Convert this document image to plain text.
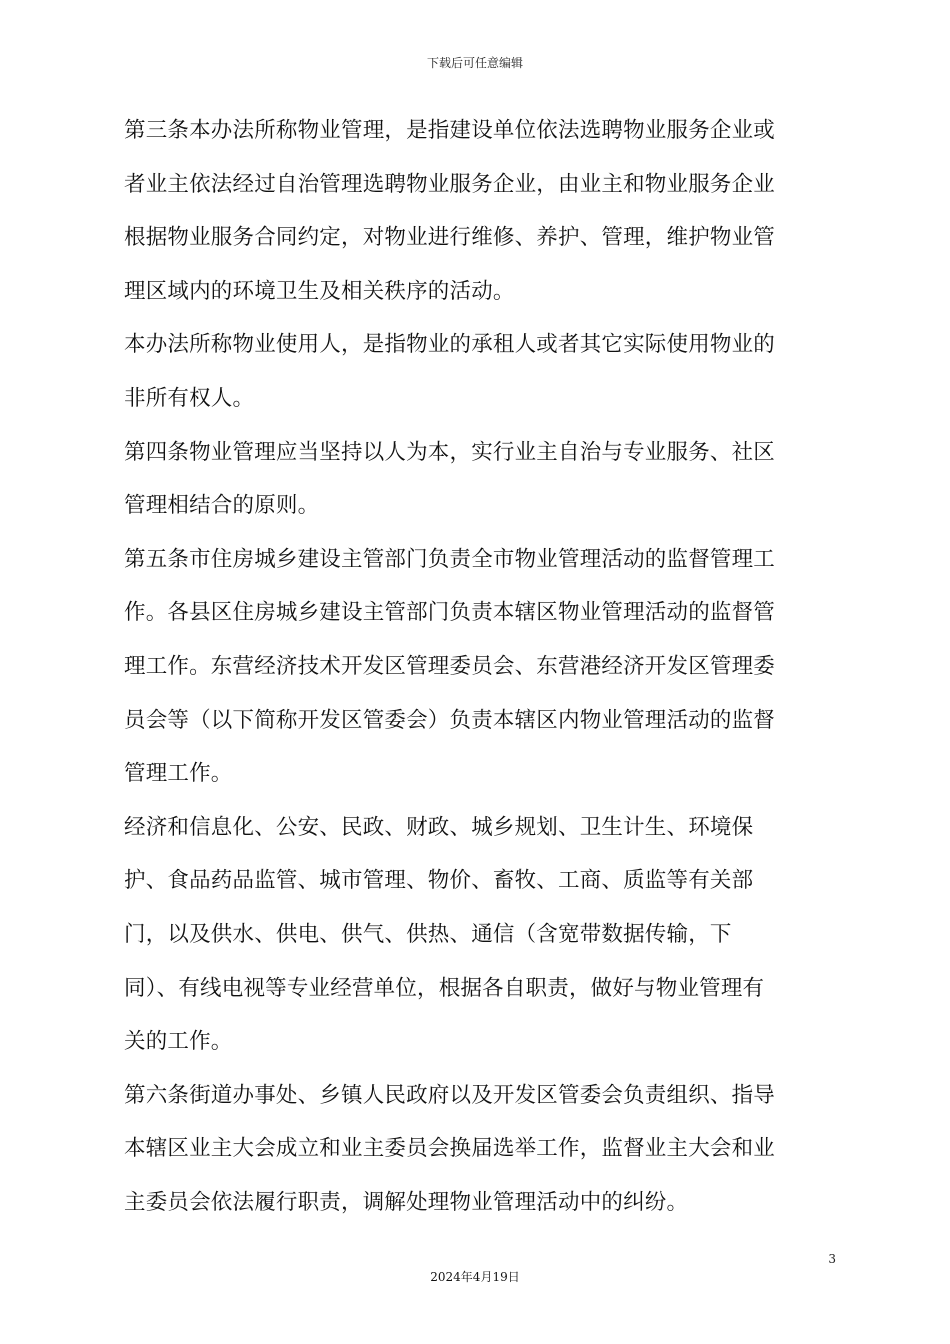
下载后可任意编辑
第三条本办法所称物业管理，是指建设单位依法选聘物业服务企业或
者业主依法经过自治管理选聘物业服务企业，由业主和物业服务企业
根据物业服务合同约定，对物业进行维修、养护、管理，维护物业管
理区域内的环境卫生及相关秩序的活动。
本办法所称物业使用人，是指物业的承租人或者其它实际使用物业的
非所有权人。
第四条物业管理应当坚持以人为本，实行业主自治与专业服务、社区
管理相结合的原则。
第五条市住房城乡建设主管部门负责全市物业管理活动的监督管理工
作。各县区住房城乡建设主管部门负责本辖区物业管理活动的监督管
理工作。东营经济技术开发区管理委员会、东营港经济开发区管理委
员会等（以下简称开发区管委会）负责本辖区内物业管理活动的监督
管理工作。
经济和信息化、公安、民政、财政、城乡规划、卫生计生、环境保
护、食品药品监管、城市管理、物价、畜牧、工商、质监等有关部
门，以及供水、供电、供气、供热、通信（含宽带数据传输，下
同）、有线电视等专业经营单位，根据各自职责，做好与物业管理有
关的工作。
第六条街道办事处、乡镇人民政府以及开发区管委会负责组织、指导
本辖区业主大会成立和业主委员会换届选举工作，监督业主大会和业
主委员会依法履行职责，调解处理物业管理活动中的纠纷。
3
2024年4月19日
